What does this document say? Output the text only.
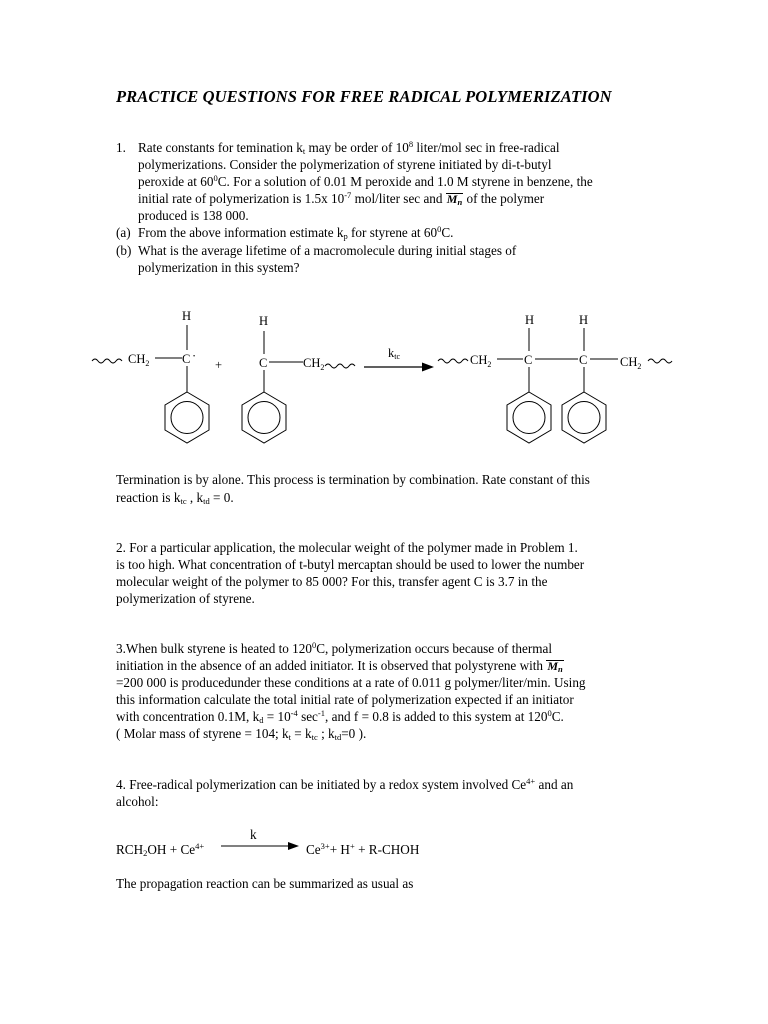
PRACTICE QUESTIONS FOR FREE RADICAL POLYMERIZATION
1. Rate constants for temination $k_t$ may be order of $10^8$ liter/mol sec in free-radical
polymerizations. Consider the polymerization of styrene initiated by di-t-butyl
peroxide at $60^0C$. For a solution of 0.01 M peroxide and 1.0 M styrene in benzene, the
initial rate of polymerization is 1.5x $10^{-7}$ mol/liter sec and $M_n$ of the polymer
produced is 138 000.
(a) From the above information estimate $k_p$ for styrene at $60^0C$.
(b) What is the average lifetime of a macromolecule during initial stages of
polymerization in this system?
$CH_2$
H
C ·
+
H
C	$CH_2$
ktc	$CH_2$
H
C
H
C	$CH_2$
Termination is by alone. This process is termination by combination. Rate constant of this
reaction is $k_{tc}$ , $k_{td} = 0$.
2. For a particular application, the molecular weight of the polymer made in Problem 1.
is too high. What concentration of t-butyl mercaptan should be used to lower the number
molecular weight of the polymer to 85 000? For this, transfer agent C is 3.7 in the
polymerization of styrene.
3.When bulk styrene is heated to $120^0C$, polymerization occurs because of thermal
initiation in the absence of an added initiator. It is observed that polystyrene with $M_n$
=200 000 is producedunder these conditions at a rate of 0.011 g polymer/liter/min. Using
this information calculate the total initial rate of polymerization expected if an initiator
with concentration 0.1M, $k_d = 10^{-4}$ $\sec^{-1}$, and f = 0.8 is added to this system at $120^0C$.
( Molar mass of styrene = 104; $k_t = k_{tc}$ ; $k_{td}=0$ ).
4. Free-radical polymerization can be initiated by a redox system involved $Ce^{4+}$ and an
alcohol:
$RCH_2OH + Ce^{4+}$
k
$Ce^{3+}+ H^+$ + R-CHOH
The propagation reaction can be summarized as usual as
